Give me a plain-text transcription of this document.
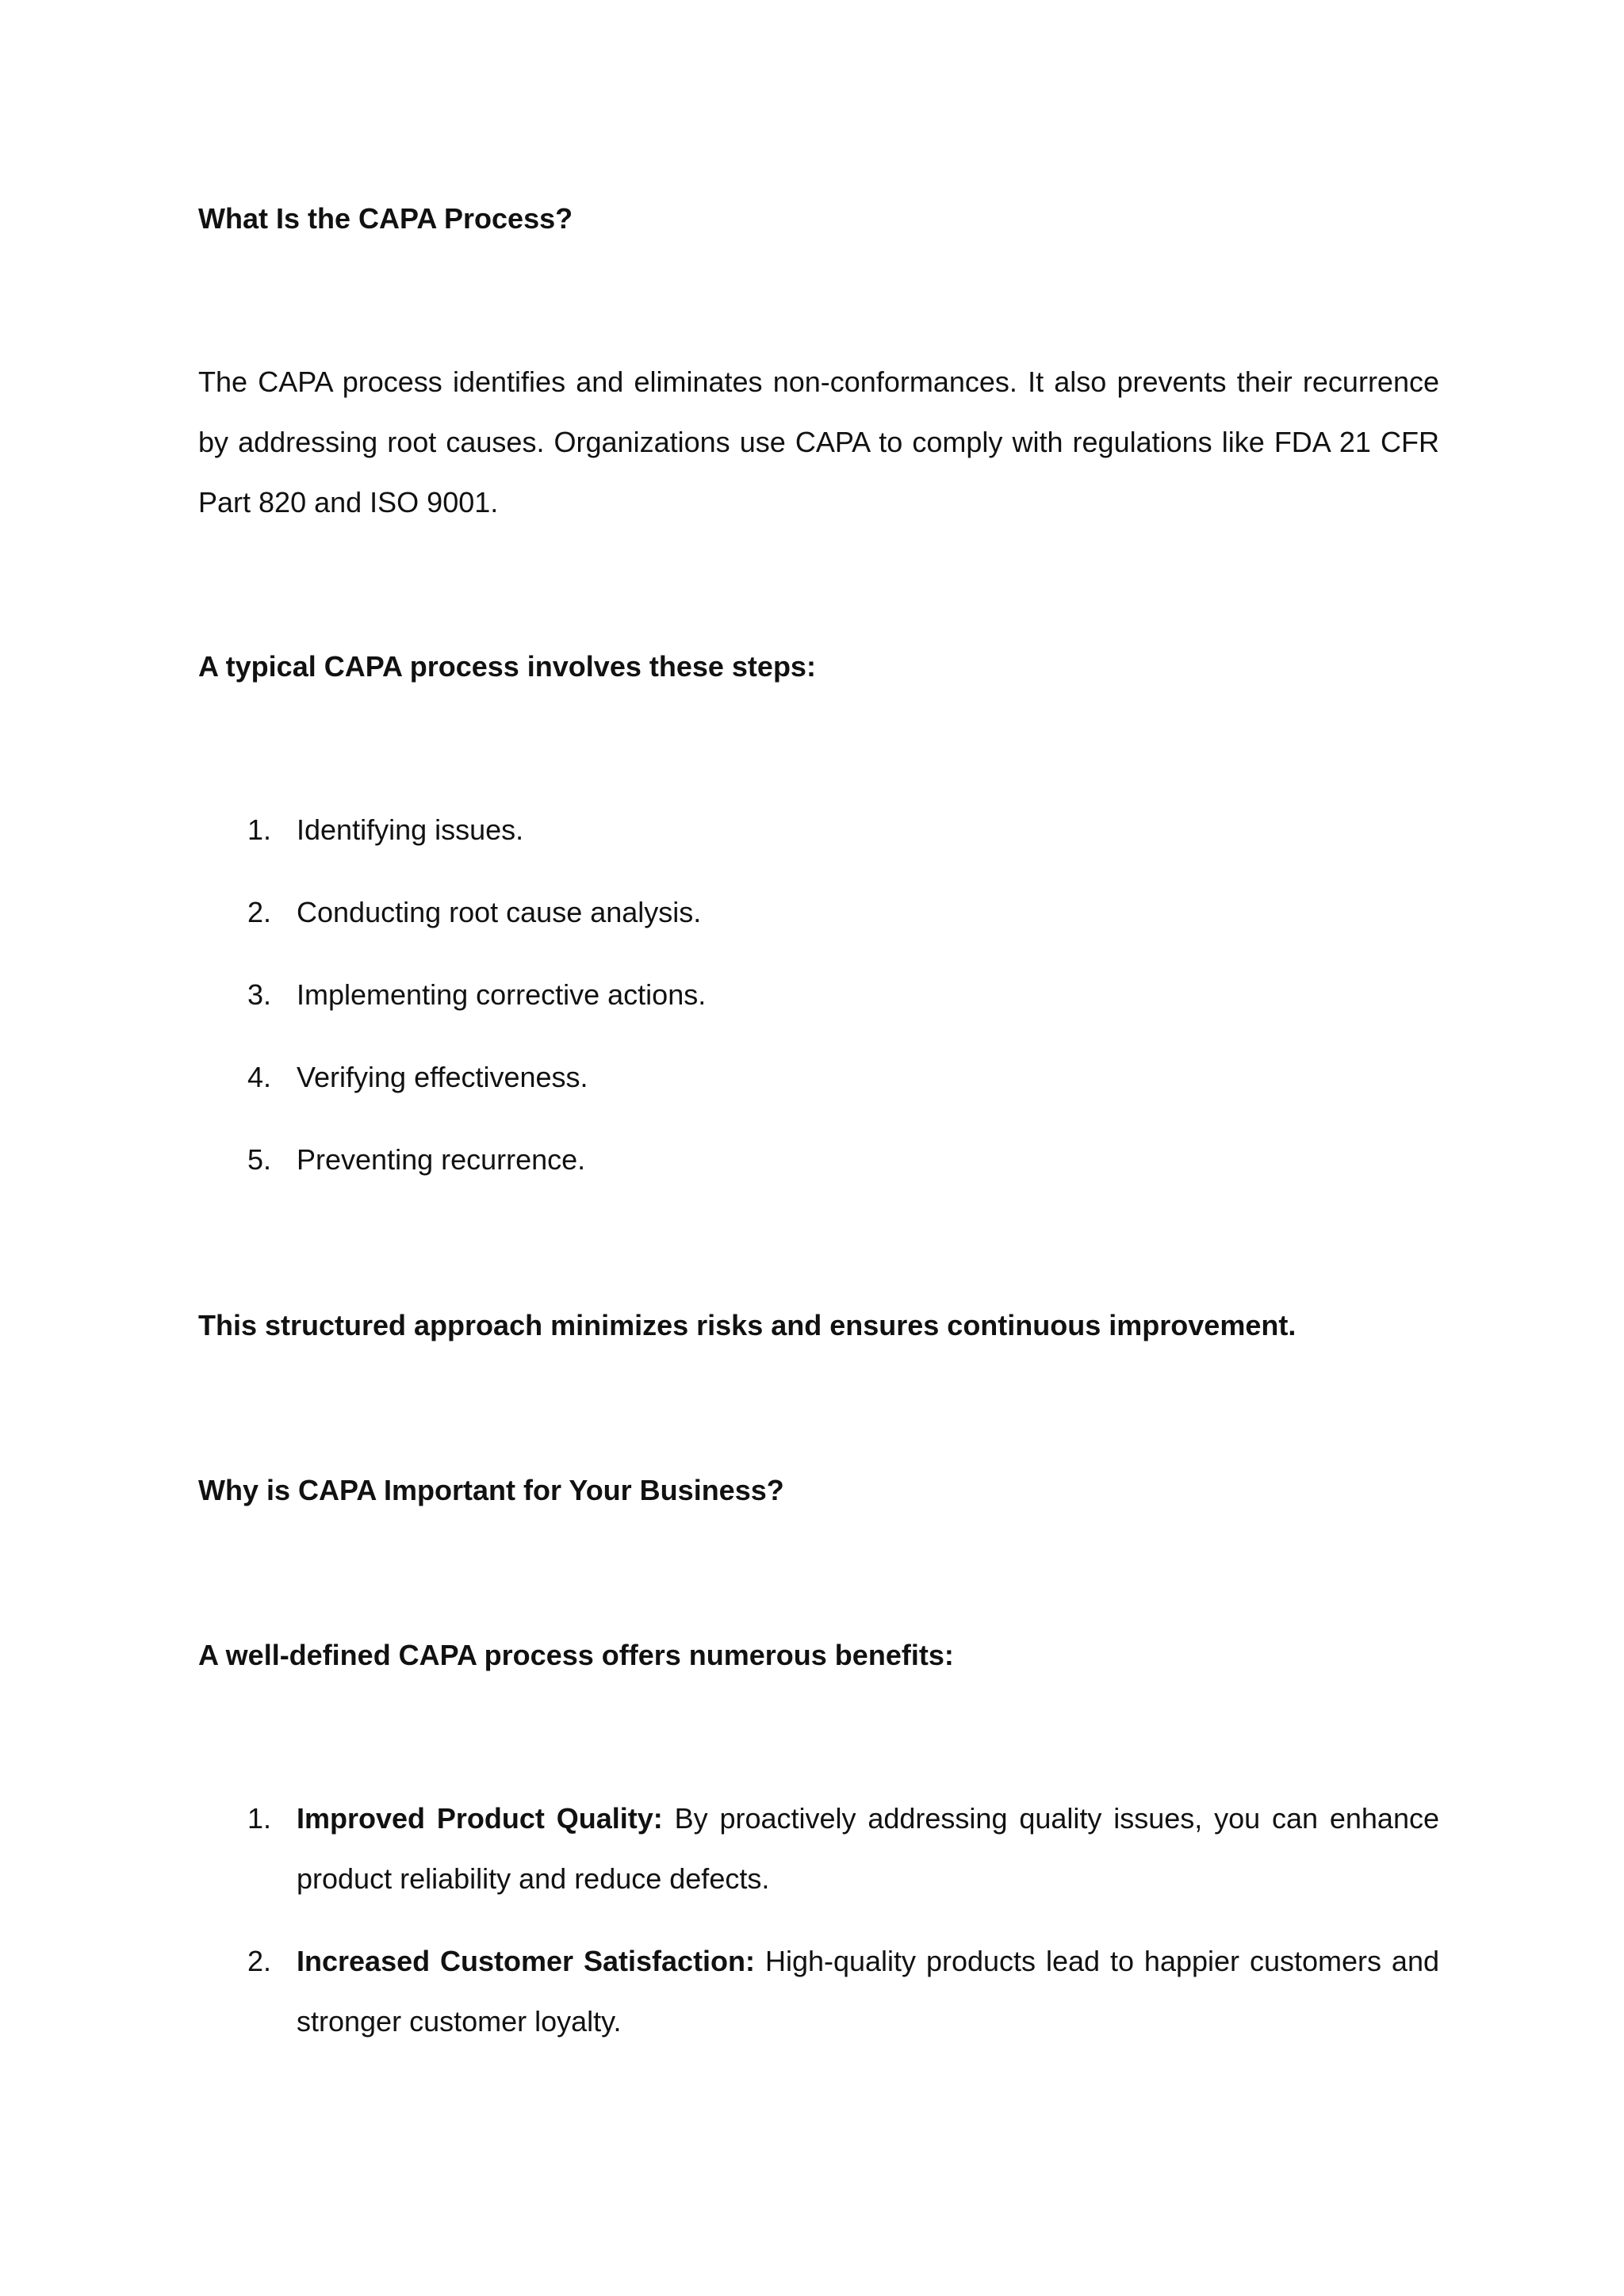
What Is the CAPA Process?

The CAPA process identifies and eliminates non-conformances. It also prevents their recurrence by addressing root causes. Organizations use CAPA to comply with regulations like FDA 21 CFR Part 820 and ISO 9001.

A typical CAPA process involves these steps:

1. Identifying issues.
2. Conducting root cause analysis.
3. Implementing corrective actions.
4. Verifying effectiveness.
5. Preventing recurrence.

This structured approach minimizes risks and ensures continuous improvement.

Why is CAPA Important for Your Business?

A well-defined CAPA process offers numerous benefits:

1. Improved Product Quality: By proactively addressing quality issues, you can enhance product reliability and reduce defects.
2. Increased Customer Satisfaction: High-quality products lead to happier customers and stronger customer loyalty.
